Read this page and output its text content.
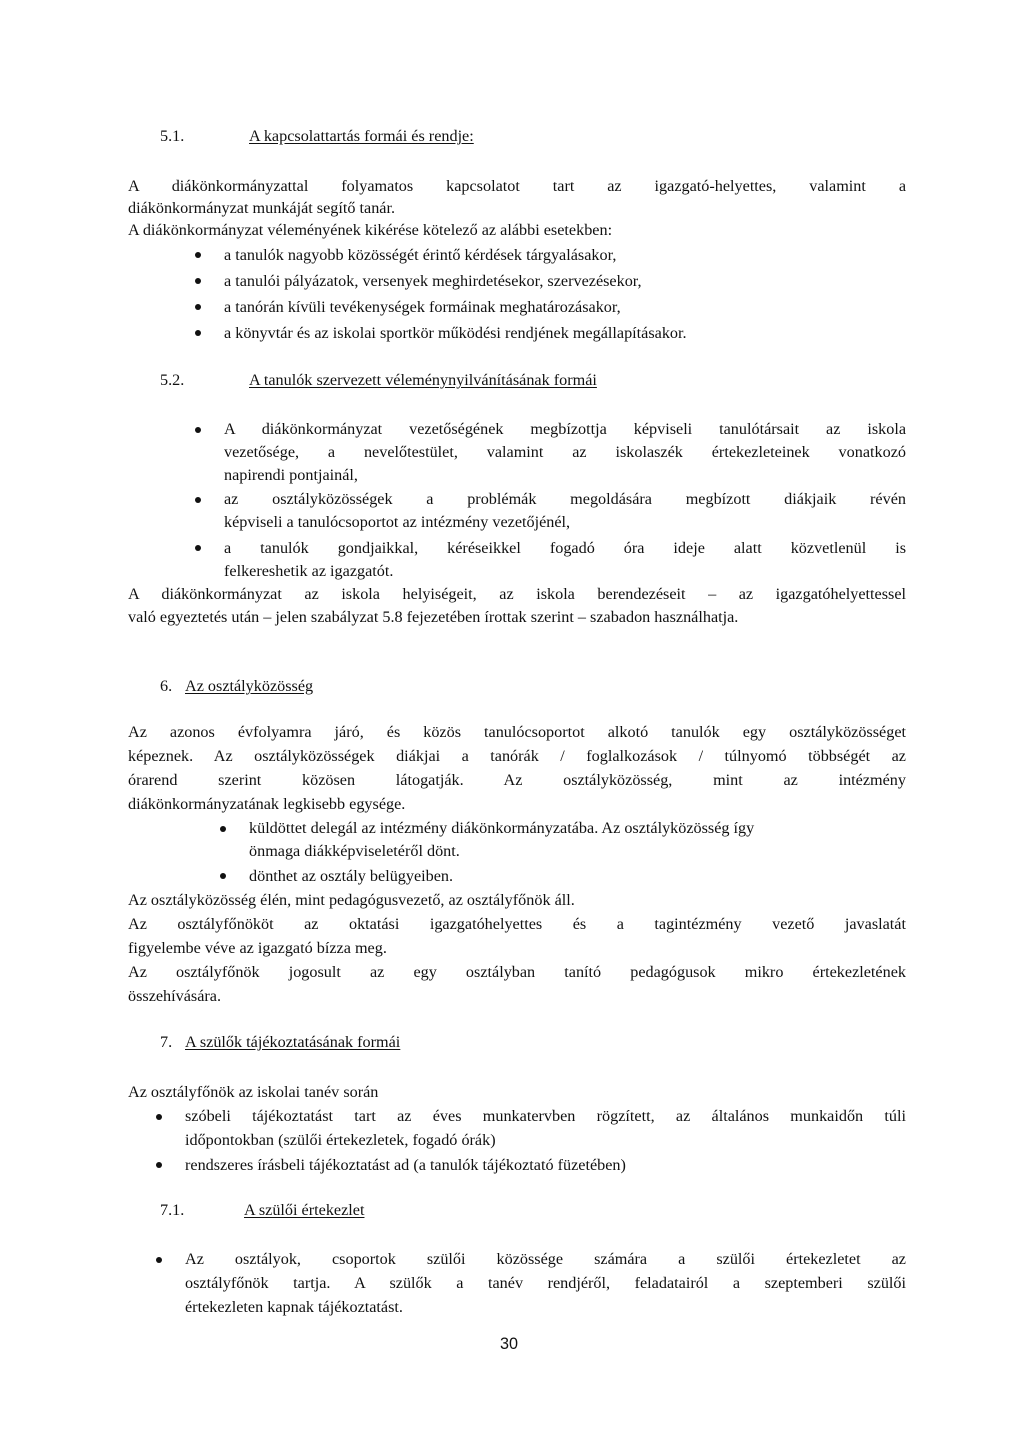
5.1.	A kapcsolattartás formái és rendje:
A diákönkormányzattal folyamatos kapcsolatot tart az igazgató-helyettes, valamint a
diákönkormányzat munkáját segítő tanár.
A diákönkormányzat véleményének kikérése kötelező az alábbi esetekben:
a tanulók nagyobb közösségét érintő kérdések tárgyalásakor,
a tanulói pályázatok, versenyek meghirdetésekor, szervezésekor,
a tanórán kívüli tevékenységek formáinak meghatározásakor,
a könyvtár és az iskolai sportkör működési rendjének megállapításakor.
5.2.	A tanulók szervezett véleménynyilvánításának formái
A diákönkormányzat vezetőségének megbízottja képviseli tanulótársait az iskola
vezetősége, a nevelőtestület, valamint az iskolaszék értekezleteinek vonatkozó
napirendi pontjainál,
az osztályközösségek a problémák megoldására megbízott diákjaik révén
képviseli a tanulócsoportot az intézmény vezetőjénél,
a tanulók gondjaikkal, kéréseikkel fogadó óra ideje alatt közvetlenül is
felkereshetik az igazgatót.
A diákönkormányzat az iskola helyiségeit, az iskola berendezéseit – az igazgatóhelyettessel
való egyeztetés után – jelen szabályzat 5.8 fejezetében írottak szerint – szabadon használhatja.
6. Az osztályközösség
Az azonos évfolyamra járó, és közös tanulócsoportot alkotó tanulók egy osztályközösséget
képeznek. Az osztályközösségek diákjai a tanórák / foglalkozások / túlnyomó többségét az
órarend szerint közösen látogatják. Az osztályközösség, mint az intézmény
diákönkormányzatának legkisebb egysége.
küldöttet delegál az intézmény diákönkormányzatába. Az osztályközösség így
önmaga diákképviseletéről dönt.
dönthet az osztály belügyeiben.
Az osztályközösség élén, mint pedagógusvezető, az osztályfőnök áll.
Az osztályfőnököt az oktatási igazgatóhelyettes és a tagintézmény vezető javaslatát
figyelembe véve az igazgató bízza meg.
Az osztályfőnök jogosult az egy osztályban tanító pedagógusok mikro értekezletének
összehívására.
7. A szülők tájékoztatásának formái
Az osztályfőnök az iskolai tanév során
szóbeli tájékoztatást tart az éves munkatervben rögzített, az általános munkaidőn túli
időpontokban (szülői értekezletek, fogadó órák)
rendszeres írásbeli tájékoztatást ad (a tanulók tájékoztató füzetében)
7.1.	A szülői értekezlet
Az osztályok, csoportok szülői közössége számára a szülői értekezletet az
osztályfőnök tartja. A szülők a tanév rendjéről, feladatairól a szeptemberi szülői
értekezleten kapnak tájékoztatást.
30
